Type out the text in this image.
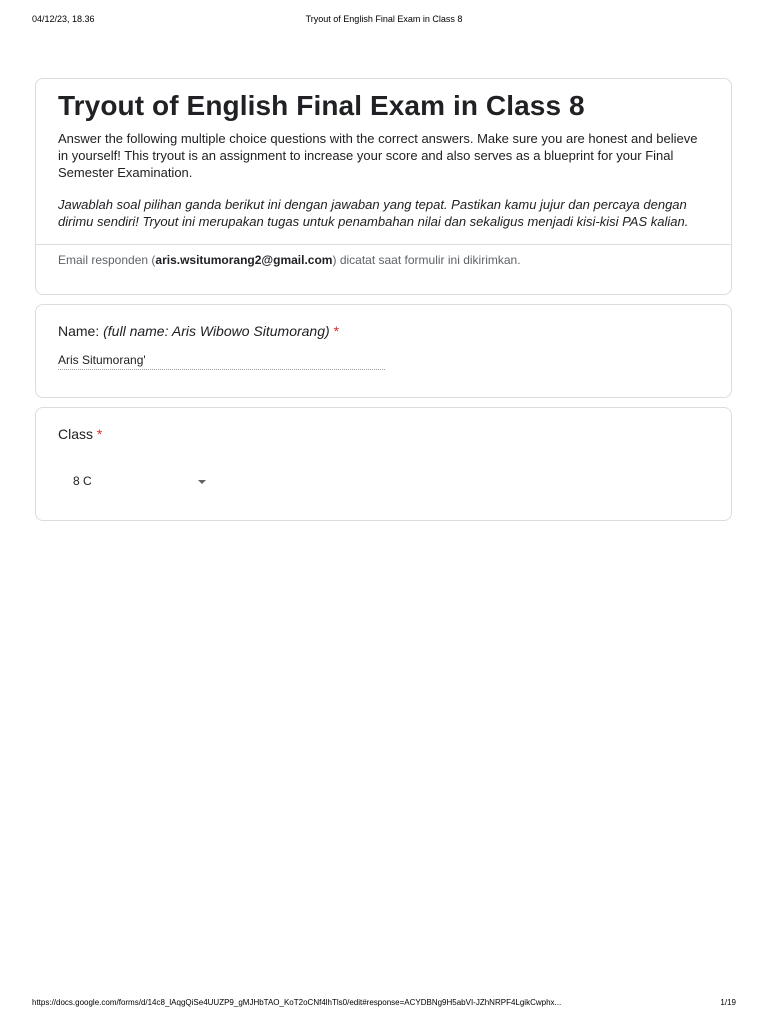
04/12/23, 18.36	Tryout of English Final Exam in Class 8
Tryout of English Final Exam in Class 8

Answer the following multiple choice questions with the correct answers. Make sure you are honest and believe in yourself! This tryout is an assignment to increase your score and also serves as a blueprint for your Final Semester Examination.

Jawablah soal pilihan ganda berikut ini dengan jawaban yang tepat. Pastikan kamu jujur dan percaya dengan dirimu sendiri! Tryout ini merupakan tugas untuk penambahan nilai dan sekaligus menjadi kisi-kisi PAS kalian.

Email responden (aris.wsitumorang2@gmail.com) dicatat saat formulir ini dikirimkan.
Name: (full name: Aris Wibowo Situmorang) *
Aris Situmorang'
Class *
8 C
https://docs.google.com/forms/d/14c8_lAqgQiSe4UUZP9_gMJHbTAO_KoT2oCNf4lhTls0/edit#response=ACYDBNg9H5abVI-JZhNRPF4LgikCwphx...	1/19
